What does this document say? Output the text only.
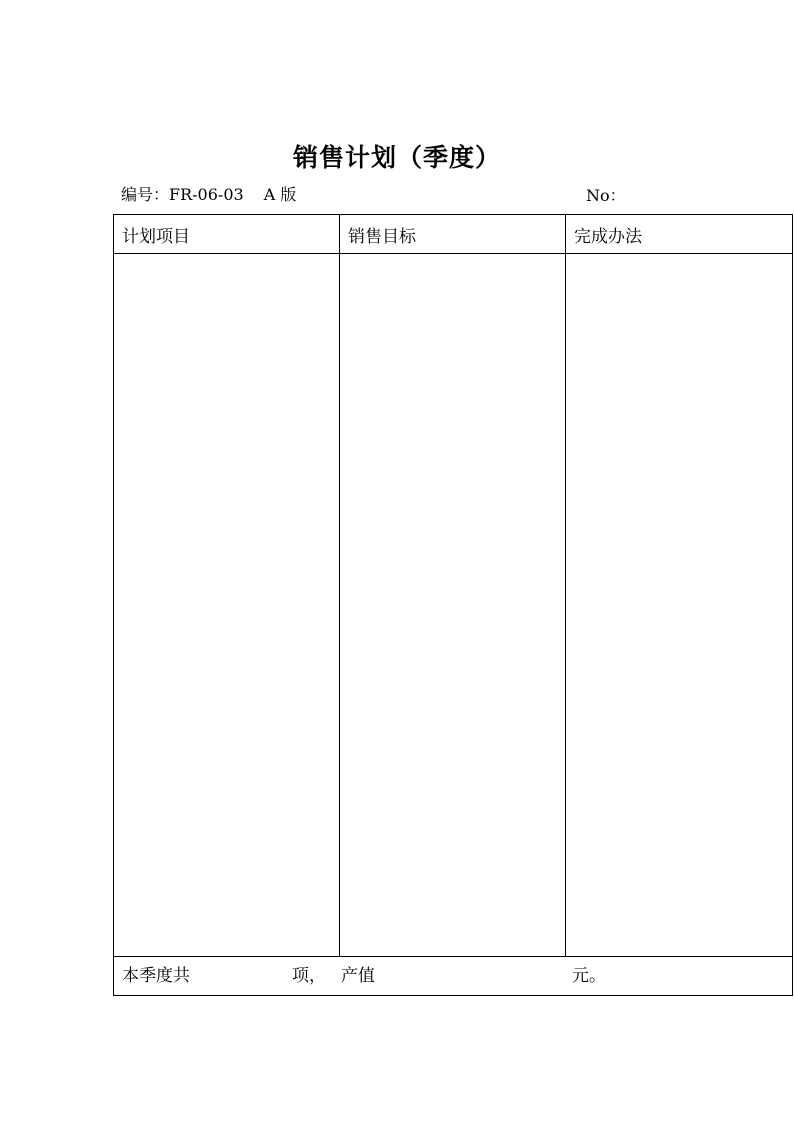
销售计划（季度）
编号：FR-06-03 A 版	No：
计划项目	销售目标	完成办法

本季度共 项， 产值 元。		
